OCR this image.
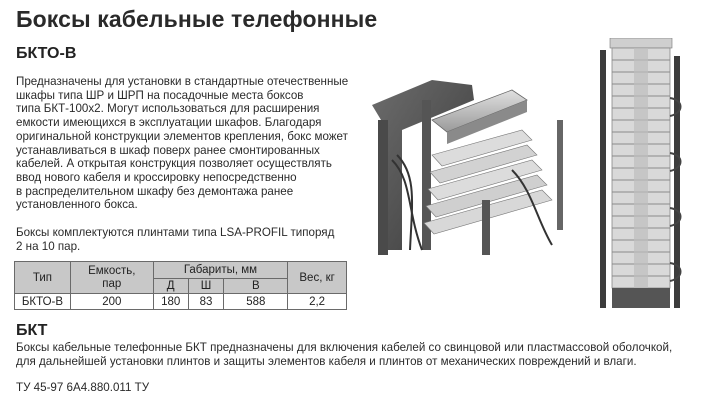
Боксы кабельные телефонные
БКТО-В
Предназначены для установки в стандартные отечественные
шкафы типа ШР и ШРП на посадочные места боксов
типа БКТ-100х2. Могут использоваться для расширения
емкости имеющихся в эксплуатации шкафов. Благодаря
оригинальной конструкции элементов крепления, бокс может
устанавливаться в шкаф поверх ранее смонтированных
кабелей. А открытая конструкция позволяет осуществлять
ввод нового кабеля и кроссировку непосредственно
в распределительном шкафу без демонтажа ранее
установленного бокса.
Боксы комплектуются плинтами типа LSA-PROFIL типоряд
2 на 10 пар.
Тип	Емкость, пар	Габариты, мм			Вес, кг
		Д	Ш	В	
БКТО-В	200	180	83	588	2,2
БКТ
Боксы кабельные телефонные БКТ предназначены для включения кабелей со свинцовой или пластмассовой оболочкой,
для дальнейшей установки плинтов и защиты элементов кабеля и плинтов от механических повреждений и влаги.
ТУ 45-97 6А4.880.011 ТУ
